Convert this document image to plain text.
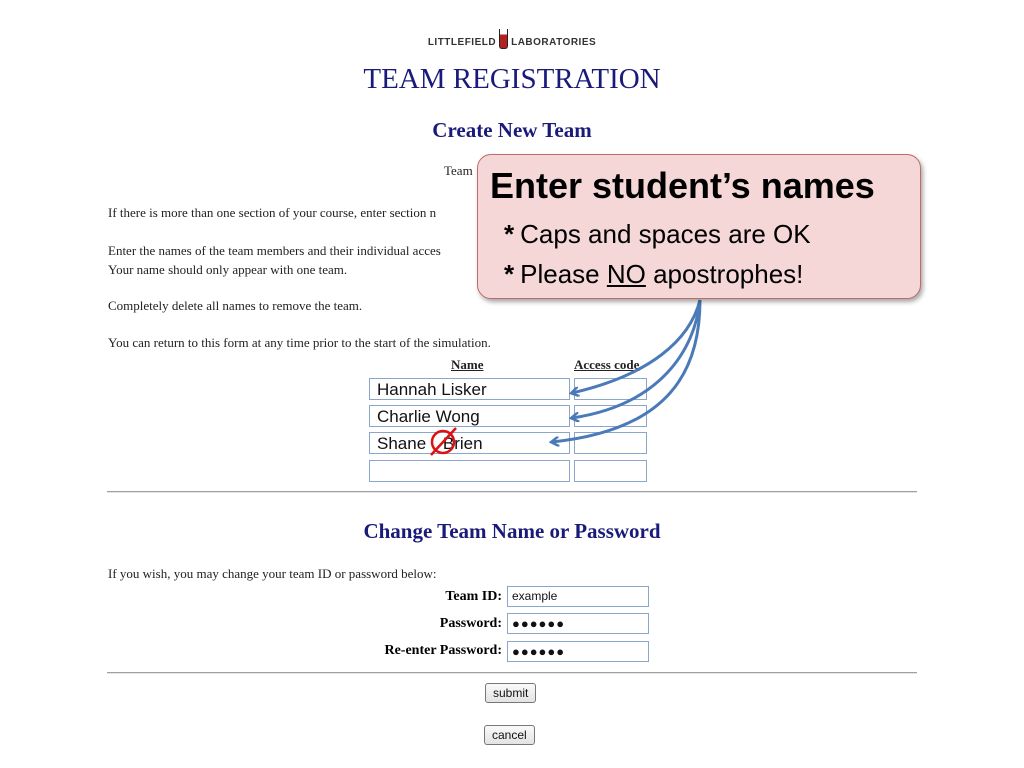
LITTLEFIELD LABORATORIES
TEAM REGISTRATION
Create New Team
Team
If there is more than one section of your course, enter section n
Enter the names of the team members and their individual acces
Your name should only appear with one team.
Completely delete all names to remove the team.
You can return to this form at any time prior to the start of the simulation.
Name	Access code
Hannah Lisker
Charlie Wong
Shane Brien
Change Team Name or Password
If you wish, you may change your team ID or password below:
Team ID: example
Password: ●●●●●●
Re-enter Password: ●●●●●●
submit
cancel
Enter student’s names
* Caps and spaces are OK
* Please NO apostrophes!
